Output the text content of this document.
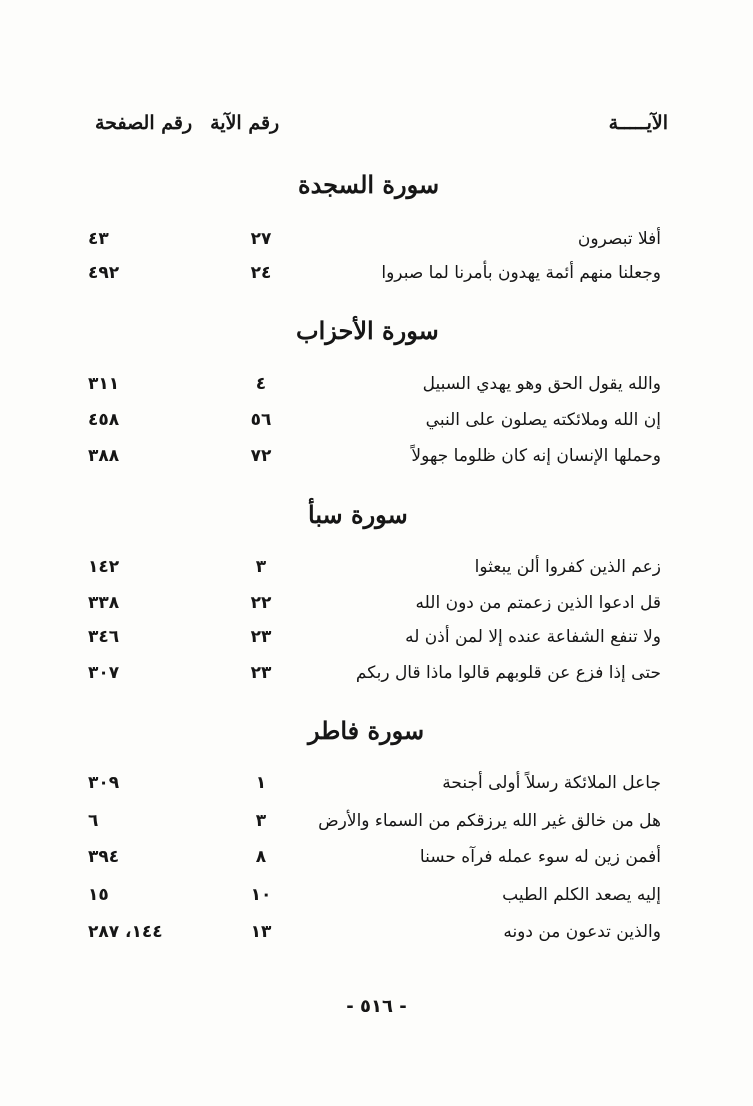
الآيـــــة
رقم الآيةرقم الصفحة
سورة السجدة
أفلا تبصرون
٢٧
٤٣
وجعلنا منهم أئمة يهدون بأمرنا لما صبروا
٢٤
٤٩٢
سورة الأحزاب
والله يقول الحق وهو يهدي السبيل
٤
٣١١
إن الله وملائكته يصلون على النبي
٥٦
٤٥٨
وحملها الإنسان إنه كان ظلوما جهولاً
٧٢
٣٨٨
سورة سبأ
زعم الذين كفروا ألن يبعثوا
٣
١٤٢
قل ادعوا الذين زعمتم من دون الله
٢٢
٣٣٨
ولا تنفع الشفاعة عنده إلا لمن أذن له
٢٣
٣٤٦
حتى إذا فزع عن قلوبهم قالوا ماذا قال ربكم
٢٣
٣٠٧
سورة فاطر
جاعل الملائكة رسلاً أولى أجنحة
١
٣٠٩
هل من خالق غير الله يرزقكم من السماء والأرض
٣
٦
أفمن زين له سوء عمله فرآه حسنا
٨
٣٩٤
إليه يصعد الكلم الطيب
١٠
١٥
والذين تدعون من دونه
١٣
١٤٤، ٢٨٧
- ٥١٦ -
